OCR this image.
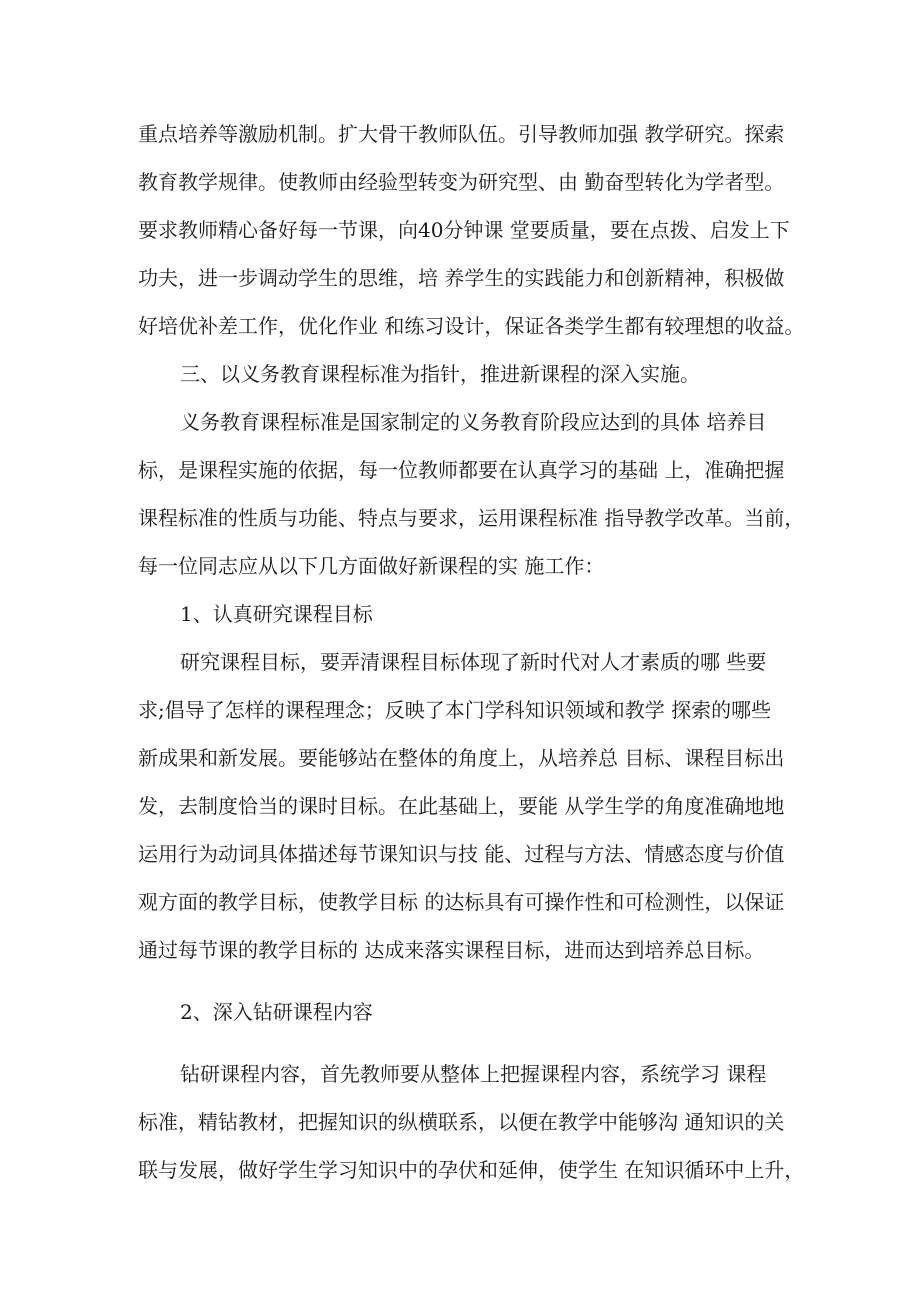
重点培养等激励机制。扩大骨干教师队伍。引导教师加强 教学研究。探索
教育教学规律。使教师由经验型转变为研究型、由 勤奋型转化为学者型。
要求教师精心备好每一节课，向40分钟课 堂要质量，要在点拨、启发上下
功夫，进一步调动学生的思维，培 养学生的实践能力和创新精神，积极做
好培优补差工作，优化作业 和练习设计，保证各类学生都有较理想的收益。
三、以义务教育课程标准为指针，推进新课程的深入实施。
义务教育课程标准是国家制定的义务教育阶段应达到的具体 培养目
标，是课程实施的依据，每一位教师都要在认真学习的基础 上，准确把握
课程标准的性质与功能、特点与要求，运用课程标准 指导教学改革。当前，
每一位同志应从以下几方面做好新课程的实 施工作：
1、认真研究课程目标
研究课程目标，要弄清课程目标体现了新时代对人才素质的哪 些要
求;倡导了怎样的课程理念；反映了本门学科知识领域和教学 探索的哪些
新成果和新发展。要能够站在整体的角度上，从培养总 目标、课程目标出
发，去制度恰当的课时目标。在此基础上，要能 从学生学的角度准确地地
运用行为动词具体描述每节课知识与技 能、过程与方法、情感态度与价值
观方面的教学目标，使教学目标 的达标具有可操作性和可检测性，以保证
通过每节课的教学目标的 达成来落实课程目标，进而达到培养总目标。
2、深入钻研课程内容
钻研课程内容，首先教师要从整体上把握课程内容，系统学习 课程
标准，精钻教材，把握知识的纵横联系，以便在教学中能够沟 通知识的关
联与发展，做好学生学习知识中的孕伏和延伸，使学生 在知识循环中上升，
